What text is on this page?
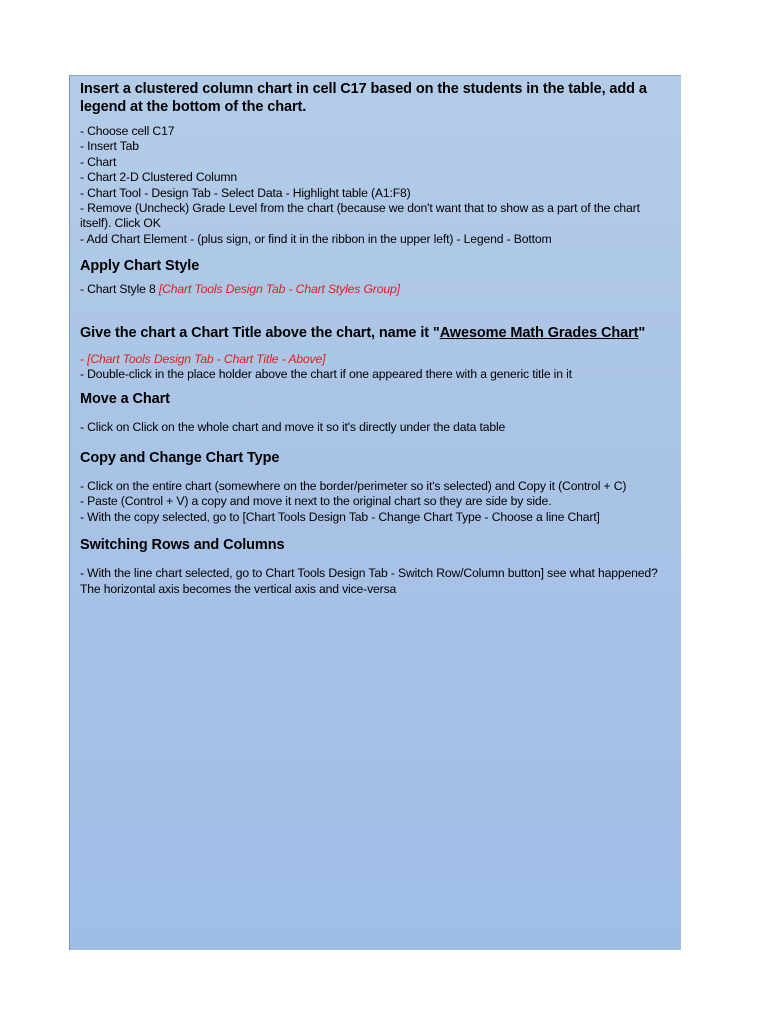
Insert a clustered column chart in cell C17 based on the students in the table, add a legend at the bottom of the chart.
- Choose cell C17
- Insert Tab
- Chart
- Chart 2-D Clustered Column
- Chart Tool - Design Tab - Select Data - Highlight table (A1:F8)
- Remove (Uncheck) Grade Level from the chart (because we don't want that to show as a part of the chart itself). Click OK
- Add Chart Element - (plus sign, or find it in the ribbon in the upper left) - Legend - Bottom
Apply Chart Style
- Chart Style 8 [Chart Tools Design Tab - Chart Styles Group]
Give the chart a Chart Title above the chart, name it "Awesome Math Grades Chart"
- [Chart Tools Design Tab - Chart Title - Above]
- Double-click in the place holder above the chart if one appeared there with a generic title in it
Move a Chart
- Click on Click on the whole chart and move it so it's directly under the data table
Copy and Change Chart Type
- Click on the entire chart (somewhere on the border/perimeter so it's selected) and Copy it (Control + C)
- Paste (Control + V) a copy and move it next to the original chart so they are side by side.
- With the copy selected, go to [Chart Tools Design Tab - Change Chart Type - Choose a line Chart]
Switching Rows and Columns
- With the line chart selected, go to Chart Tools Design Tab - Switch Row/Column button] see what happened? The horizontal axis becomes the vertical axis and vice-versa
